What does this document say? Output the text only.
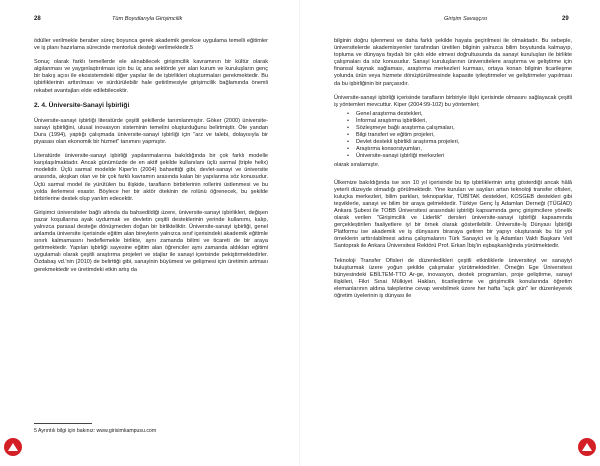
28	Tüm Boyutlarıyla Girişimcilik

ödüller verilmekle beraber süreç boyunca gerek akademik gerekse uygulama temelli eğitimler ve iş planı hazırlama sürecinde mentorluk desteği verilmektedir.5

Sonuç olarak farklı temellerde ele alınabilecek girişimcilik kavramının bir kültür olarak algılanması ve yaygınlaştırılması için bu üç ana sektörde yer alan kurum ve kuruluşların genç bir bakış açısı ile ekosistemdeki diğer yapılar ile de işbirlikleri oluşturmaları gerekmektedir. Bu işbirliklerinin arttırılması ve sürdürülebilir hale getirilmesiyle girişimcilik bağlamında önemli rekabet avantajları elde edilebilecektir.

2. 4. Üniversite-Sanayi İşbirliği

Üniversite-sanayi işbirliği literatürde çeşitli şekillerde tanımlanmıştır. Göker (2000) üniversite-sanayi işbirliğini, ulusal inovasyon sisteminin temelini oluşturduğunu belirtmiştir. Öte yandan Dura (1994), yaptığı çalışmada üniversite-sanayi işbirliği için "arz ve talebi, dolayısıyla bir piyasası olan ekonomik bir hizmet" tanımını yapmıştır.

Literatürde üniversite-sanayi işbirliği yapılanmalarına bakıldığında bir çok farklı modelle karşılaşılmaktadır. Ancak günümüzde de en aktif şekilde kullanılanı üçlü sarmal (triple helix) modelidir. Üçlü sarmal modelde Kiper'in (2004) bahsettiği gibi, devlet-sanayi ve üniversite arasında, akışkan olan ve bir çok farklı kavramın arasında kalan bir yapılanma söz konusudur. Üçlü sarmal model ile yürütülen bu ilişkide, tarafların birbirlerinin rollerini üstlenmesi ve bu yolda ilerlemesi esastır. Böylece her bir aktör ötekinin de rolünü öğrenecek, bu şekilde birbirlerine destek olup yarılım edecektir.

Girişimci üniversiteler bağlı altında da bahsedildiği üzere, üniversite-sanayi işbirlikleri, değişen pazar koşullarına ayak uydurmak ve devletin çeşitli desteklerinin yerinde kullanımı, kalıp, yalnızca parasal desteğe dönüşmeden doğan bir birlikteliktir. Üniversite-sanayi işbirliği, genel anlamda üniversite içerisinde eğitim alan bireylerin yalnızca sınıf içerisindeki akademik eğitimle sınırlı kalmamasını hedeflemekle birlikte, aynı zamanda bilimi ve ticareti de bir araya getirmektedir. Yapılan işbirliği sayesine eğitim alan öğrenciler aynı zamanda aldıkları eğitimi uygulamalı olarak çeşitli araştırma projeleri ve stajlar ile sanayi içerisinde pekiştirmektedirler. Özdabaş vd.'nin (2010) de belirttiği gibi, sanayinin büyümesi ve gelişmesi için üretimin artması gerekmektedir ve üretimdeki etkin artış da

5 Ayrıntılı bilgi için bakınız: www.girisimkampusu.com
Girişim Savaşçısı	29

bilginin doğru işlenmesi ve daha farklı şekilde hayata geçirilmesi ile olmaktadır. Bu sebeple, üniversitelerde akademisyenler tarafından üretilen bilginin yalnızca bilim boyutunda kalmayıp, topluma ve dünyaya faydalı bir çıktı elde etmesi doğrultusunda da sanayi kuruluşları ile birlikte çalışmaları da söz konusudur. Sanayi kuruluşlarının üniversitelere araştırma ve geliştirme için finansal kaynak sağlaması, araştırma merkezleri kurması, ortaya konan bilginin ticarileşme yolunda ürün veya hizmete dönüştürülmesinde kapasite iyileştirmeler ve geliştirmeler yapılması da bu işbirliğinin bir parçasıdır.

Üniversite-sanayi işbirliği içerisinde tarafların birbiriyle ilişki içerisinde olmasını sağlayacak çeşitli iş yöntemleri mevcuttur. Kiper (2004:99-102) bu yöntemleri;

• Genel araştırma destekleri,
• İnformal araştırma işbirlikleri,
• Sözleşmeye bağlı araştırma çalışmaları,
• Bilgi transferi ve eğitim projeleri,
• Devlet destekli işbirlikli araştırma projeleri,
• Araştırma konsorsiyumları,
• Üniversite-sanayi işbirliği merkezleri

olarak sıralamıştır.

Ülkemize bakıldığında ise son 10 yıl içerisinde bu tip işbirliklerinin artış gösterdiği ancak hâlâ yeterli düzeyde olmadığı görülmektedir. Yine kuruları ve sayıları artan teknoloji transfer ofisleri, kuluçka merkezleri, bilim parkları, teknoparklar, TÜBİTAK destekleri, KOSGEB destekleri gibi teşviklerle, sanayi ve bilim bir araya gelmektedir. Türkiye Genç İş Adamları Derneği (TÜGİAD) Ankara Şubesi ile TOBB Üniversitesi arasındaki işbirliği kapsamında genç girişimcilere yönelik olarak verilen "Girişimcilik ve Liderlik" dersleri üniversite-sanayi işbirliği kapsamında gerçekleştirilen faaliyetlere iyi bir örnek olarak gösterilebilir. Üniversite-İş Dünyası İşbirliği Platformu ise akademik ve iş dünyasını biraraya getiren bir yapıyı oluşturarak bu tür yol örneklerin arttırılabilmesi adına çalışmalarını Türk Sanayici ve İş Adamları Vakfı Başkanı Veli Santoprak ile Ankara Üniversitesi Rektörü Prof. Erkan İbiş'in eşbaşkanlığında yürütmektedir.

Teknoloji Transfer Ofisleri de düzenledikleri çeşitli etkinliklerle üniversiteyi ve sanayiyi buluşturmak üzere yoğun şekilde çalışmalar yürütmektedirler. Örneğin Ege Üniversitesi bünyesindeki EBİLTEM-TTO Ar-ge, inovasyon, destek programları, proje geliştirme, sanayi ilişkileri, Fikri Sınai Mülkiyet Hakları, ticarileştirme ve girişimcilik konularında öğretim elemanlarının aldına taleplerine cevap verebilmek üzere her hafta "açık gün" ler düzenleyerek öğretim üyelerinin iş dünyası ile
